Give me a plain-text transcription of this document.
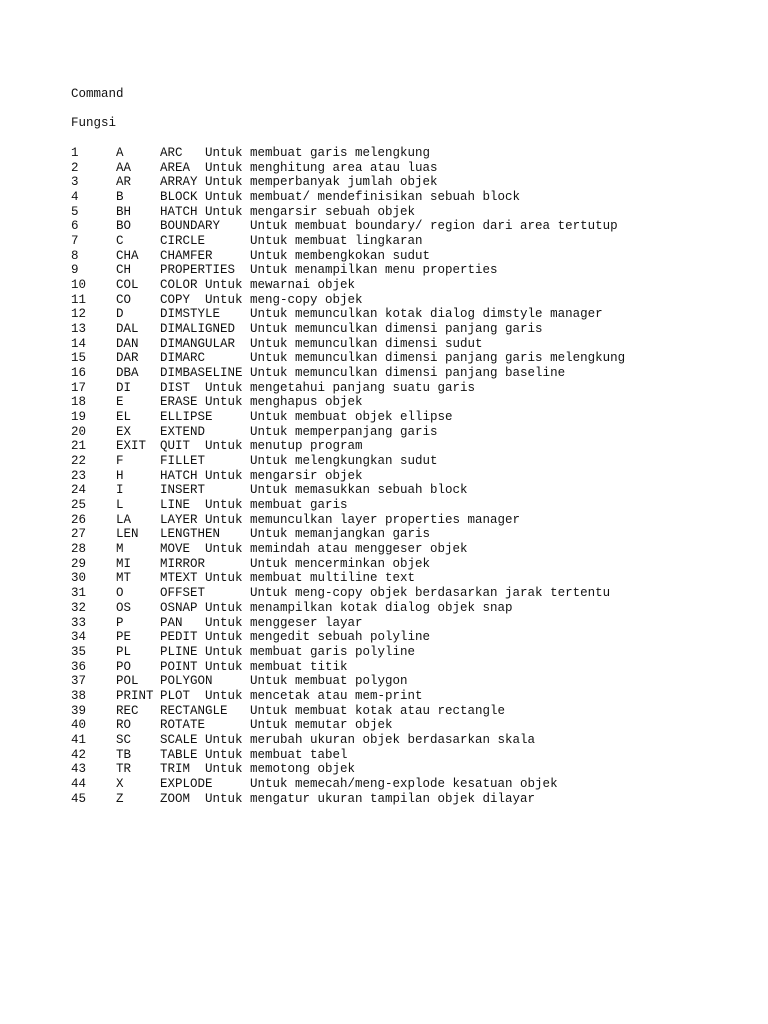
Command
Fungsi
1	A	ARC   Untuk membuat garis melengkung
2	AA AREA  Untuk menghitung area atau luas
3	AR ARRAY Untuk memperbanyak jumlah objek
4	B	BLOCK Untuk membuat/ mendefinisikan sebuah block
5	BH HATCH Untuk mengarsir sebuah objek
6	BO BOUNDARY    Untuk membuat boundary/ region dari area tertutup
7	C	CIRCLE      Untuk membuat lingkaran
8	CHA CHAMFER     Untuk membengkokan sudut
9	CH PROPERTIES  Untuk menampilkan menu properties
10 COL COLOR Untuk mewarnai objek
11 CO COPY  Untuk meng-copy objek
12 D	DIMSTYLE    Untuk memunculkan kotak dialog dimstyle manager
13 DAL DIMALIGNED  Untuk memunculkan dimensi panjang garis
14 DAN DIMANGULAR  Untuk memunculkan dimensi sudut
15 DAR DIMARC      Untuk memunculkan dimensi panjang garis melengkung
16 DBA DIMBASELINE Untuk memunculkan dimensi panjang baseline
17 DI DIST  Untuk mengetahui panjang suatu garis
18 E	ERASE Untuk menghapus objek
19 EL ELLIPSE     Untuk membuat objek ellipse
20 EX EXTEND      Untuk memperpanjang garis
21 EXIT QUIT  Untuk menutup program
22 F	FILLET      Untuk melengkungkan sudut
23 H	HATCH Untuk mengarsir objek
24 I	INSERT      Untuk memasukkan sebuah block
25 L	LINE  Untuk membuat garis
26 LA LAYER Untuk memunculkan layer properties manager
27 LEN LENGTHEN    Untuk memanjangkan garis
28 M	MOVE  Untuk memindah atau menggeser objek
29 MI MIRROR      Untuk mencerminkan objek
30 MT MTEXT Untuk membuat multiline text
31 O	OFFSET      Untuk meng-copy objek berdasarkan jarak tertentu
32 OS OSNAP Untuk menampilkan kotak dialog objek snap
33 P	PAN   Untuk menggeser layar
34 PE PEDIT Untuk mengedit sebuah polyline
35 PL PLINE Untuk membuat garis polyline
36 PO POINT Untuk membuat titik
37 POL POLYGON     Untuk membuat polygon
38 PRINT PLOT  Untuk mencetak atau mem-print
39 REC RECTANGLE   Untuk membuat kotak atau rectangle
40 RO ROTATE      Untuk memutar objek
41 SC SCALE Untuk merubah ukuran objek berdasarkan skala
42 TB TABLE Untuk membuat tabel
43 TR TRIM  Untuk memotong objek
44 X	EXPLODE     Untuk memecah/meng-explode kesatuan objek
45 Z	ZOOM  Untuk mengatur ukuran tampilan objek dilayar
